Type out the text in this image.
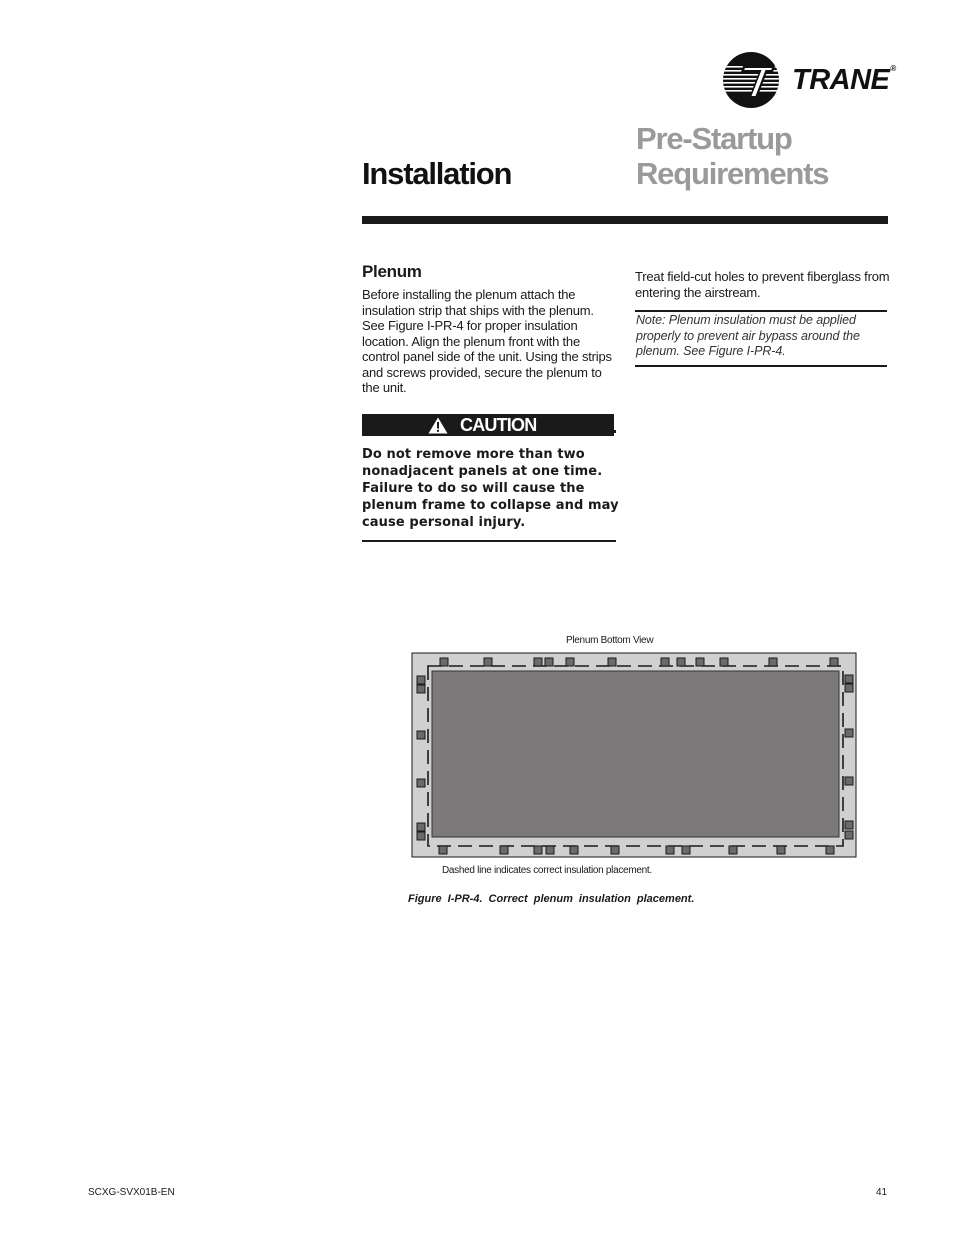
TRANE®
Installation
Pre-Startup
Requirements
Plenum
Before installing the plenum attach the insulation strip that ships with the plenum. See Figure I-PR-4 for proper insulation location. Align the plenum front with the control panel side of the unit. Using the strips and screws provided, secure the plenum to the unit.
CAUTION
Do not remove more than two nonadjacent panels at one time. Failure to do so will cause the plenum frame to collapse and may cause personal injury.
Treat field-cut holes to prevent fiberglass from entering the airstream.
Note: Plenum insulation must be applied properly to prevent air bypass around the plenum. See Figure I-PR-4.
Plenum Bottom View
Dashed line indicates correct insulation placement.
Figure I-PR-4. Correct plenum insulation placement.
SCXG-SVX01B-EN	41
